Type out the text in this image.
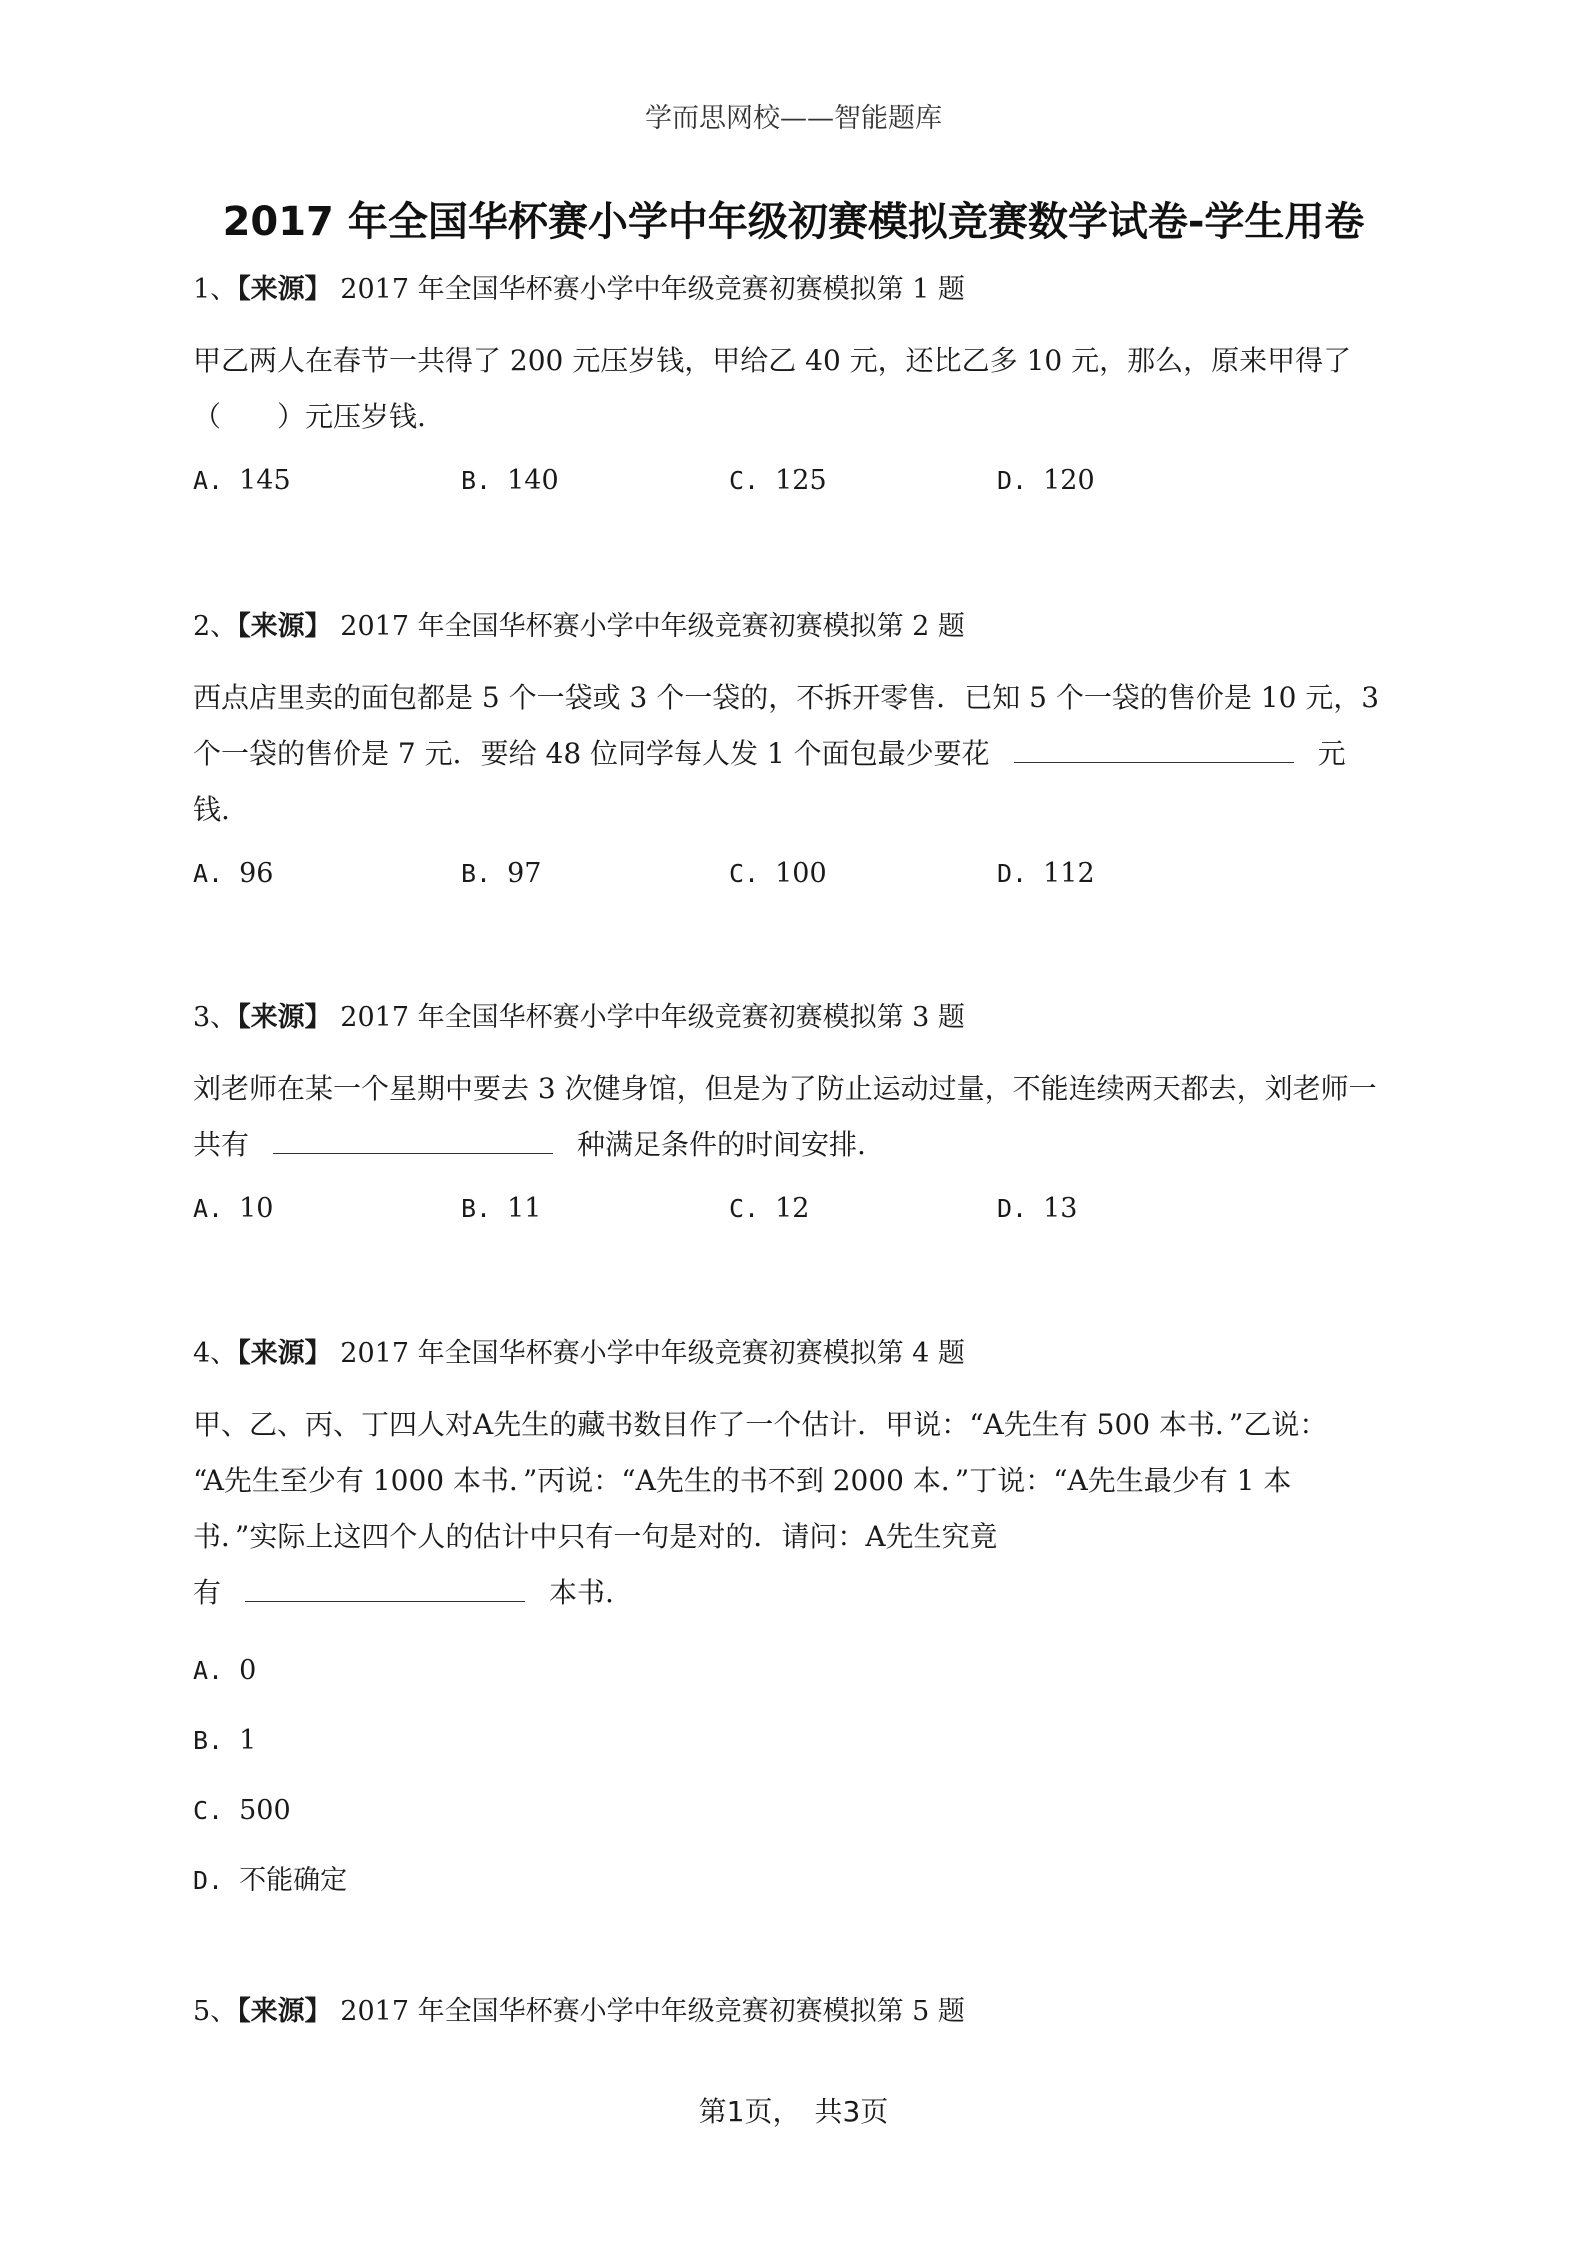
学而思网校——智能题库
2017 年全国华杯赛小学中年级初赛模拟竞赛数学试卷-学生用卷
1、【来源】 2017 年全国华杯赛小学中年级竞赛初赛模拟第 1 题
甲乙两人在春节一共得了 200 元压岁钱，甲给乙 40 元，还比乙多 10 元，那么，原来甲得了
（　　）元压岁钱.
A. 145	B. 140	C. 125	D. 120
2、【来源】 2017 年全国华杯赛小学中年级竞赛初赛模拟第 2 题
西点店里卖的面包都是 5 个一袋或 3 个一袋的，不拆开零售．已知 5 个一袋的售价是 10 元，3
个一袋的售价是 7 元．要给 48 位同学每人发 1 个面包最少要花	元
钱.
A. 96	B. 97	C. 100	D. 112
3、【来源】 2017 年全国华杯赛小学中年级竞赛初赛模拟第 3 题
刘老师在某一个星期中要去 3 次健身馆，但是为了防止运动过量，不能连续两天都去，刘老师一
共有	种满足条件的时间安排.
A. 10	B. 11	C. 12	D. 13
4、【来源】 2017 年全国华杯赛小学中年级竞赛初赛模拟第 4 题
甲、乙、丙、丁四人对A先生的藏书数目作了一个估计．甲说：“A先生有 500 本书．”乙说：
“A先生至少有 1000 本书．”丙说：“A先生的书不到 2000 本．”丁说：“A先生最少有 1 本
书．”实际上这四个人的估计中只有一句是对的．请问：A先生究竟
有	本书.
A. 0
B. 1
C. 500
D. 不能确定
5、【来源】 2017 年全国华杯赛小学中年级竞赛初赛模拟第 5 题
第1页，　共3页
